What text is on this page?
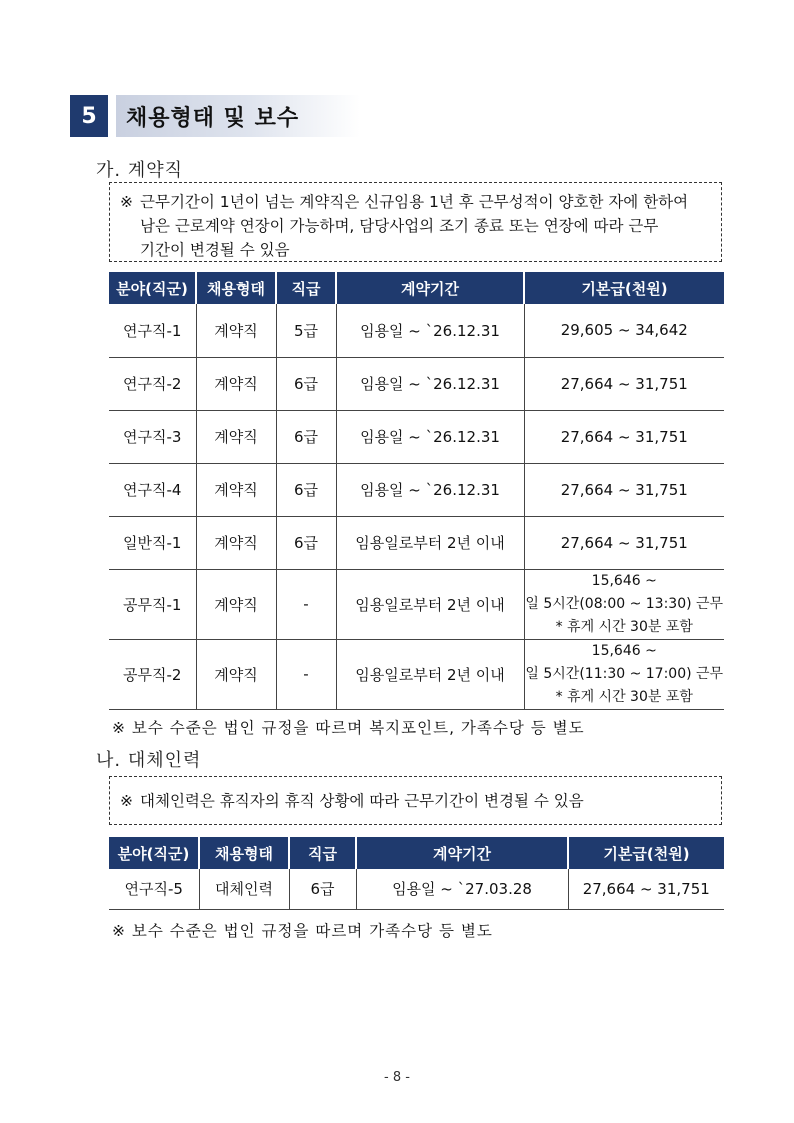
5	채용형태 및 보수
가. 계약직
※ 근무기간이 1년이 넘는 계약직은 신규임용 1년 후 근무성적이 양호한 자에 한하여
남은 근로계약 연장이 가능하며, 담당사업의 조기 종료 또는 연장에 따라 근무
기간이 변경될 수 있음
분야(직군)	채용형태	직급	계약기간	기본급(천원)
연구직-1	계약직	5급	임용일 ~ `26.12.31	29,605 ~ 34,642
연구직-2	계약직	6급	임용일 ~ `26.12.31	27,664 ~ 31,751
연구직-3	계약직	6급	임용일 ~ `26.12.31	27,664 ~ 31,751
연구직-4	계약직	6급	임용일 ~ `26.12.31	27,664 ~ 31,751
일반직-1	계약직	6급	임용일로부터 2년 이내	27,664 ~ 31,751
공무직-1	계약직	-	임용일로부터 2년 이내	15,646 ~
일 5시간(08:00 ~ 13:30) 근무
* 휴게 시간 30분 포함

공무직-2	계약직	-	임용일로부터 2년 이내	15,646 ~
일 5시간(11:30 ~ 17:00) 근무
* 휴게 시간 30분 포함
※ 보수 수준은 법인 규정을 따르며 복지포인트, 가족수당 등 별도
나. 대체인력
※ 대체인력은 휴직자의 휴직 상황에 따라 근무기간이 변경될 수 있음
분야(직군)	채용형태	직급	계약기간	기본급(천원)
연구직-5	대체인력	6급	임용일 ~ `27.03.28	27,664 ~ 31,751
※ 보수 수준은 법인 규정을 따르며 가족수당 등 별도
- 8 -
